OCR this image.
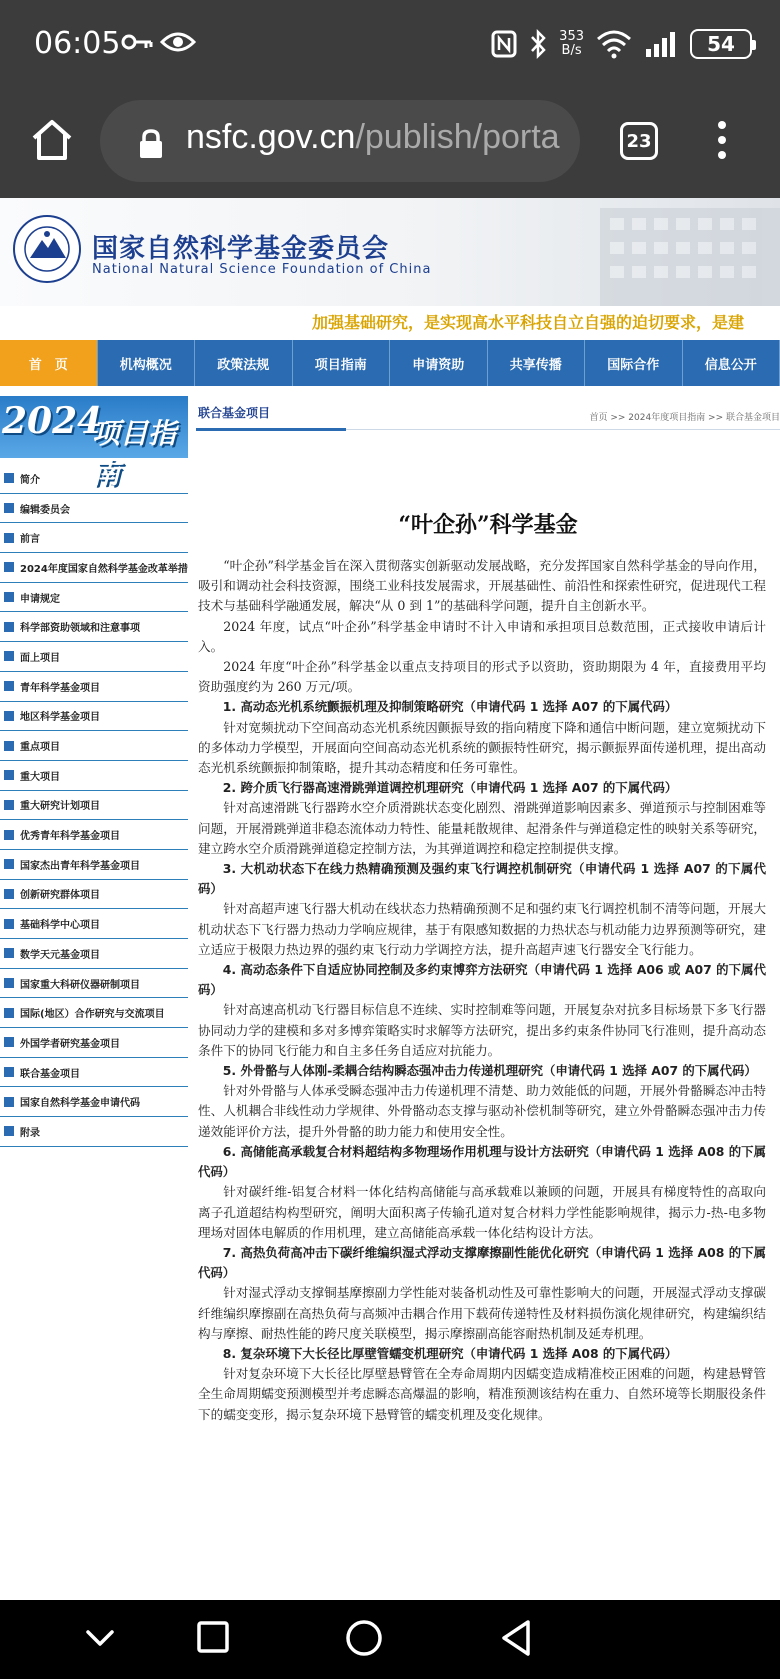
06:05	353
B/s	54
nsfc.gov.cn/publish/porta	23
国家自然科学基金委员会
National Natural Science Foundation of China
加强基础研究，是实现高水平科技自立自强的迫切要求，是建
首　页	机构概况	政策法规	项目指南	申请资助	共享传播	国际合作	信息公开
2024
项目指南
简介
编辑委员会
前言
2024年度国家自然科学基金改革举措
申请规定
科学部资助领域和注意事项
面上项目
青年科学基金项目
地区科学基金项目
重点项目
重大项目
重大研究计划项目
优秀青年科学基金项目
国家杰出青年科学基金项目
创新研究群体项目
基础科学中心项目
数学天元基金项目
国家重大科研仪器研制项目
国际(地区）合作研究与交流项目
外国学者研究基金项目
联合基金项目
国家自然科学基金申请代码
附录
联合基金项目	首页 >> 2024年度项目指南 >> 联合基金项目
“叶企孙”科学基金

“叶企孙”科学基金旨在深入贯彻落实创新驱动发展战略，充分发挥国家自然科学基金的导向作用，吸引和调动社会科技资源，围绕工业科技发展需求，开展基础性、前沿性和探索性研究，促进现代工程技术与基础科学融通发展，解决“从 0 到 1”的基础科学问题，提升自主创新水平。

2024 年度，试点“叶企孙”科学基金申请时不计入申请和承担项目总数范围，正式接收申请后计入。

2024 年度“叶企孙”科学基金以重点支持项目的形式予以资助，资助期限为 4 年，直接费用平均资助强度约为 260 万元/项。

1. 高动态光机系统颤振机理及抑制策略研究（申请代码 1 选择 A07 的下属代码）

针对宽频扰动下空间高动态光机系统因颤振导致的指向精度下降和通信中断问题，建立宽频扰动下的多体动力学模型，开展面向空间高动态光机系统的颤振特性研究，揭示颤振界面传递机理，提出高动态光机系统颤振抑制策略，提升其动态精度和任务可靠性。

2. 跨介质飞行器高速滑跳弹道调控机理研究（申请代码 1 选择 A07 的下属代码）

针对高速滑跳飞行器跨水空介质滑跳状态变化剧烈、滑跳弹道影响因素多、弹道预示与控制困难等问题，开展滑跳弹道非稳态流体动力特性、能量耗散规律、起滑条件与弹道稳定性的映射关系等研究，建立跨水空介质滑跳弹道稳定控制方法，为其弹道调控和稳定控制提供支撑。

3. 大机动状态下在线力热精确预测及强约束飞行调控机制研究（申请代码 1 选择 A07 的下属代码）

针对高超声速飞行器大机动在线状态力热精确预测不足和强约束飞行调控机制不清等问题，开展大机动状态下飞行器力热动力学响应规律，基于有限感知数据的力热状态与机动能力边界预测等研究，建立适应于极限力热边界的强约束飞行动力学调控方法，提升高超声速飞行器安全飞行能力。

4. 高动态条件下自适应协同控制及多约束博弈方法研究（申请代码 1 选择 A06 或 A07 的下属代码）

针对高速高机动飞行器目标信息不连续、实时控制难等问题，开展复杂对抗多目标场景下多飞行器协同动力学的建模和多对多博弈策略实时求解等方法研究，提出多约束条件协同飞行准则，提升高动态条件下的协同飞行能力和自主多任务自适应对抗能力。

5. 外骨骼与人体刚-柔耦合结构瞬态强冲击力传递机理研究（申请代码 1 选择 A07 的下属代码）

针对外骨骼与人体承受瞬态强冲击力传递机理不清楚、助力效能低的问题，开展外骨骼瞬态冲击特性、人机耦合非线性动力学规律、外骨骼动态支撑与驱动补偿机制等研究，建立外骨骼瞬态强冲击力传递效能评价方法，提升外骨骼的助力能力和使用安全性。

6. 高储能高承载复合材料超结构多物理场作用机理与设计方法研究（申请代码 1 选择 A08 的下属代码）

针对碳纤维-铝复合材料一体化结构高储能与高承载难以兼顾的问题，开展具有梯度特性的高取向离子孔道超结构构型研究，阐明大面积离子传输孔道对复合材料力学性能影响规律，揭示力-热-电多物理场对固体电解质的作用机理，建立高储能高承载一体化结构设计方法。

7. 高热负荷高冲击下碳纤维编织湿式浮动支撑摩擦副性能优化研究（申请代码 1 选择 A08 的下属代码）

针对湿式浮动支撑铜基摩擦副力学性能对装备机动性及可靠性影响大的问题，开展湿式浮动支撑碳纤维编织摩擦副在高热负荷与高频冲击耦合作用下载荷传递特性及材料损伤演化规律研究，构建编织结构与摩擦、耐热性能的跨尺度关联模型，揭示摩擦副高能容耐热机制及延寿机理。

8. 复杂环境下大长径比厚壁管蠕变机理研究（申请代码 1 选择 A08 的下属代码）

针对复杂环境下大长径比厚壁悬臂管在全寿命周期内因蠕变造成精准校正困难的问题，构建悬臂管全生命周期蠕变预测模型并考虑瞬态高爆温的影响，精准预测该结构在重力、自然环境等长期服役条件下的蠕变变形，揭示复杂环境下悬臂管的蠕变机理及变化规律。
